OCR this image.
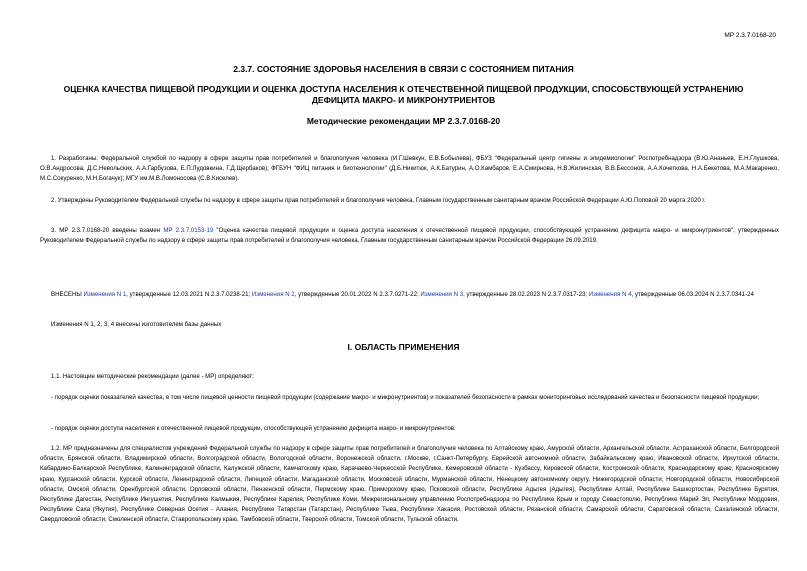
МР 2.3.7.0168-20
2.3.7. СОСТОЯНИЕ ЗДОРОВЬЯ НАСЕЛЕНИЯ В СВЯЗИ С СОСТОЯНИЕМ ПИТАНИЯ
ОЦЕНКА КАЧЕСТВА ПИЩЕВОЙ ПРОДУКЦИИ И ОЦЕНКА ДОСТУПА НАСЕЛЕНИЯ К ОТЕЧЕСТВЕННОЙ ПИЩЕВОЙ ПРОДУКЦИИ, СПОСОБСТВУЮЩЕЙ УСТРАНЕНИЮ ДЕФИЦИТА МАКРО- И МИКРОНУТРИЕНТОВ
Методические рекомендации МР 2.3.7.0168-20

1. Разработаны: Федеральной службой по надзору в сфере защиты прав потребителей и благополучия человека (И.Г.Шевкун, Е.В.Бобылева), ФБУЗ "Федеральный центр гигиены и эпидемиологии" Роспотребнадзора (В.Ю.Ананьев, Е.Н.Глушкова, О.В.Андросова, Д.С.Невольских, А.А.Гарбузова, Е.П.Лудовкина, Г.Д.Щербаков); ФГБУН "ФИЦ питания и биотехнологии" (Д.Б.Никитюк, А.К.Батурин, А.О.Камбаров, Е.А.Смирнова, Н.В.Жилинская, В.В.Бессонов, А.А.Кочеткова, Н.А.Бекетова, М.А.Макаренко, М.С.Сокуренко, М.Н.Богачук); МГУ им.М.В.Ломоносова (С.В.Киселев).

2. Утверждены Руководителем Федеральной службы по надзору в сфере защиты прав потребителей и благополучия человека, Главным государственным санитарным врачом Российской Федерации А.Ю.Поповой 20 марта 2020 г.

3. МР 2.3.7.0168-20 введены взамен МР 2.3.7.0153-19 "Оценка качества пищевой продукции и оценка доступа населения к отечественной пищевой продукции, способствующей устранению дефицита макро- и микронутриентов", утвержденных Руководителем Федеральной службы по надзору в сфере защиты прав потребителей и благополучия человека, Главным государственным санитарным врачом Российской Федерации 26.09.2019.

ВНЕСЕНЫ Изменения N 1, утвержденные 12.03.2021 N 2.3.7.0238-21; Изменения N 2, утвержденные 20.01.2022 N 2.3.7.0271-22; Изменения N 3, утвержденные 28.02.2023 N 2.3.7.0317-23; Изменения N 4, утвержденные 06.03.2024 N 2.3.7.0341-24

Изменения N 1, 2, 3, 4 внесены изготовителем базы данных

I. ОБЛАСТЬ ПРИМЕНЕНИЯ

1.1. Настоящие методические рекомендации (далее - МР) определяют:

- порядок оценки показателей качества, в том числе пищевой ценности пищевой продукции (содержание макро- и микронутриентов) и показателей безопасности в рамках мониторинговых исследований качества и безопасности пищевой продукции;

- порядок оценки доступа населения к отечественной пищевой продукции, способствующей устранению дефицита макро- и микронутриентов.

1.2. МР предназначены для специалистов учреждений Федеральной службы по надзору в сфере защиты прав потребителей и благополучия человека по Алтайскому краю, Амурской области, Архангельской области, Астраханской области, Белгородской области, Брянской области, Владимирской области, Волгоградской области, Вологодской области, Воронежской области, г.Москве, г.Санкт-Петербургу, Еврейской автономной области, Забайкальскому краю, Ивановской области, Иркутской области, Кабардино-Балкарской Республике, Калининградской области, Калужской области, Камчатскому краю, Карачаево-Черкесской Республике, Кемеровской области - Кузбассу, Кировской области, Костромской области, Краснодарскому краю, Красноярскому краю, Курганской области, Курской области, Ленинградской области, Липецкой области, Магаданской области, Московской области, Мурманской области, Ненецкому автономному округу, Нижегородской области, Новгородской области, Новосибирской области, Омской области, Оренбургской области, Орловской области, Пензенской области, Пермскому краю, Приморскому краю, Псковской области, Республике Адыгея (Адыгея), Республике Алтай, Республике Башкортостан, Республике Бурятия, Республике Дагестан, Республике Ингушетия, Республике Калмыкия, Республике Карелия, Республике Коми, Межрегиональному управлению Роспотребнадзора по Республике Крым и городу Севастополю, Республике Марий Эл, Республике Мордовия, Республике Саха (Якутия), Республике Северная Осетия - Алания, Республике Татарстан (Татарстан), Республике Тыва, Республике Хакасия, Ростовской области, Рязанской области, Самарской области, Саратовской области, Сахалинской области, Свердловской области, Смоленской области, Ставропольскому краю, Тамбовской области, Тверской области, Томской области, Тульской области,
